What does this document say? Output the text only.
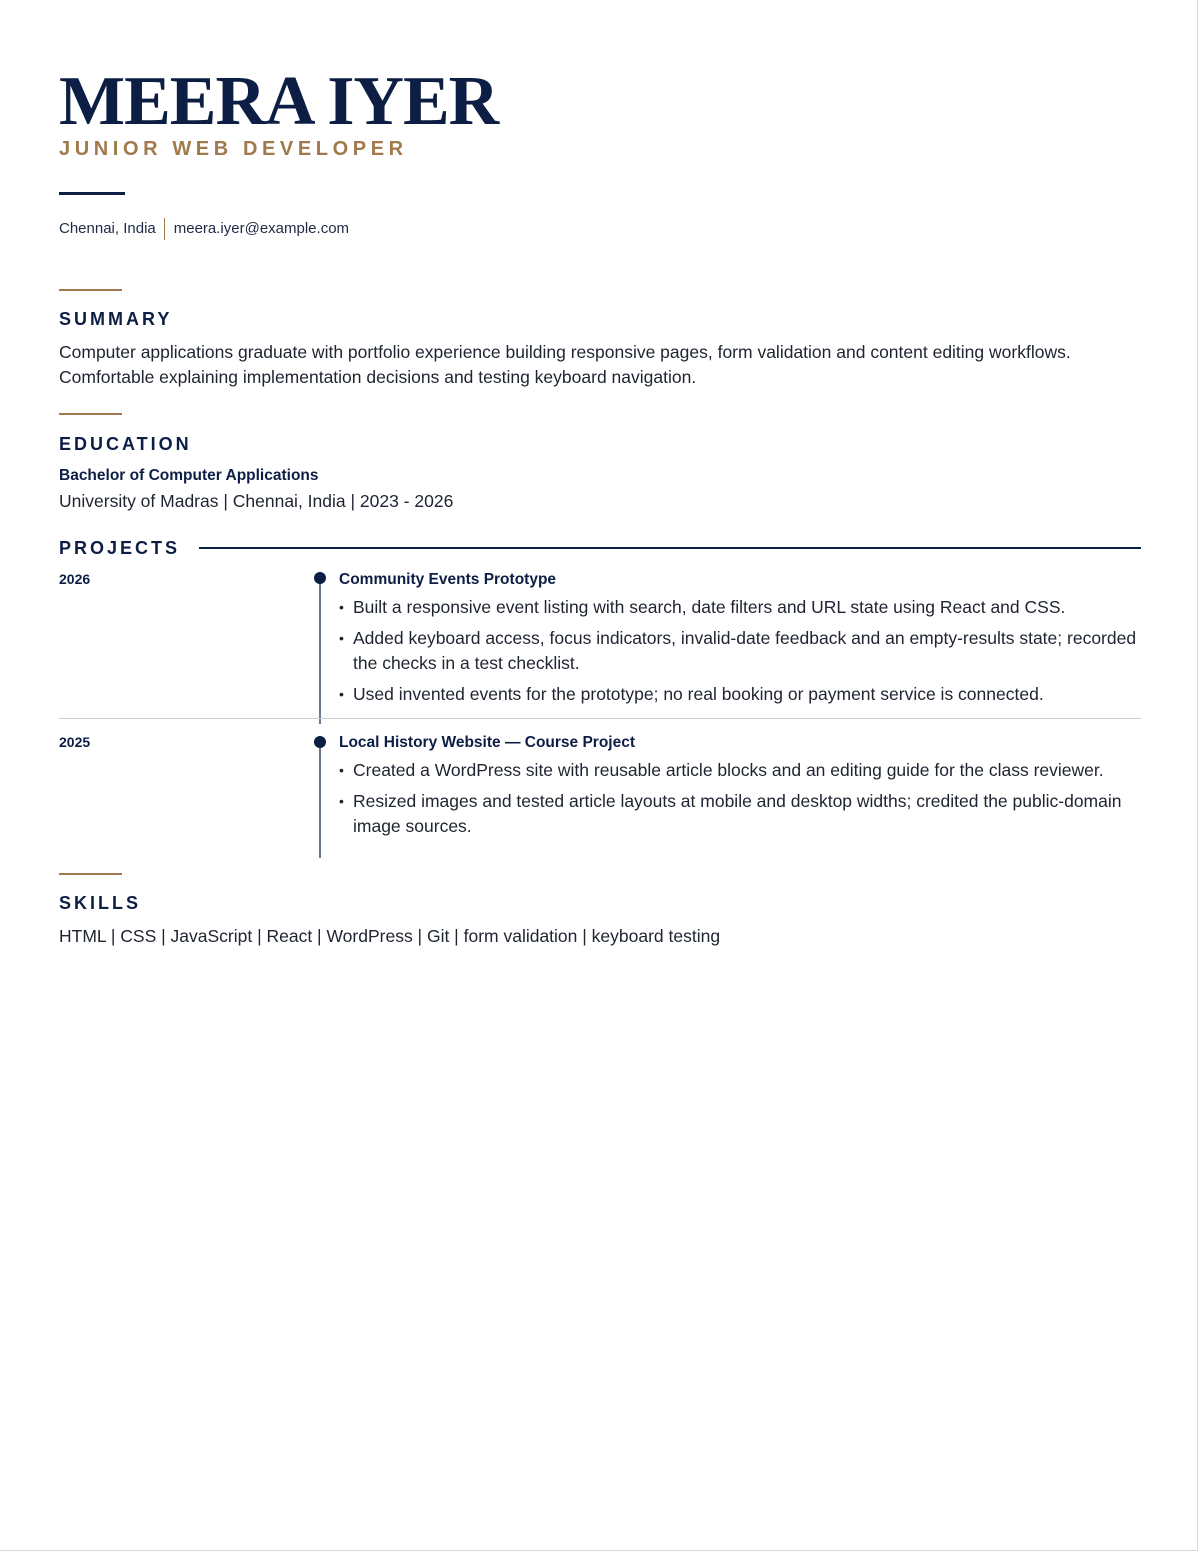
MEERA IYER
JUNIOR WEB DEVELOPER
Chennai, India meera.iyer@example.com
SUMMARY
Computer applications graduate with portfolio experience building responsive pages, form validation and content editing workflows. Comfortable explaining implementation decisions and testing keyboard navigation.
EDUCATION
Bachelor of Computer Applications
University of Madras | Chennai, India | 2023 - 2026
PROJECTS
2026	Community Events Prototype
• Built a responsive event listing with search, date filters and URL state using React and CSS.
• Added keyboard access, focus indicators, invalid-date feedback and an empty-results state; recorded the checks in a test checklist.
• Used invented events for the prototype; no real booking or payment service is connected.
2025	Local History Website — Course Project
• Created a WordPress site with reusable article blocks and an editing guide for the class reviewer.
• Resized images and tested article layouts at mobile and desktop widths; credited the public-domain image sources.
SKILLS
HTML | CSS | JavaScript | React | WordPress | Git | form validation | keyboard testing
